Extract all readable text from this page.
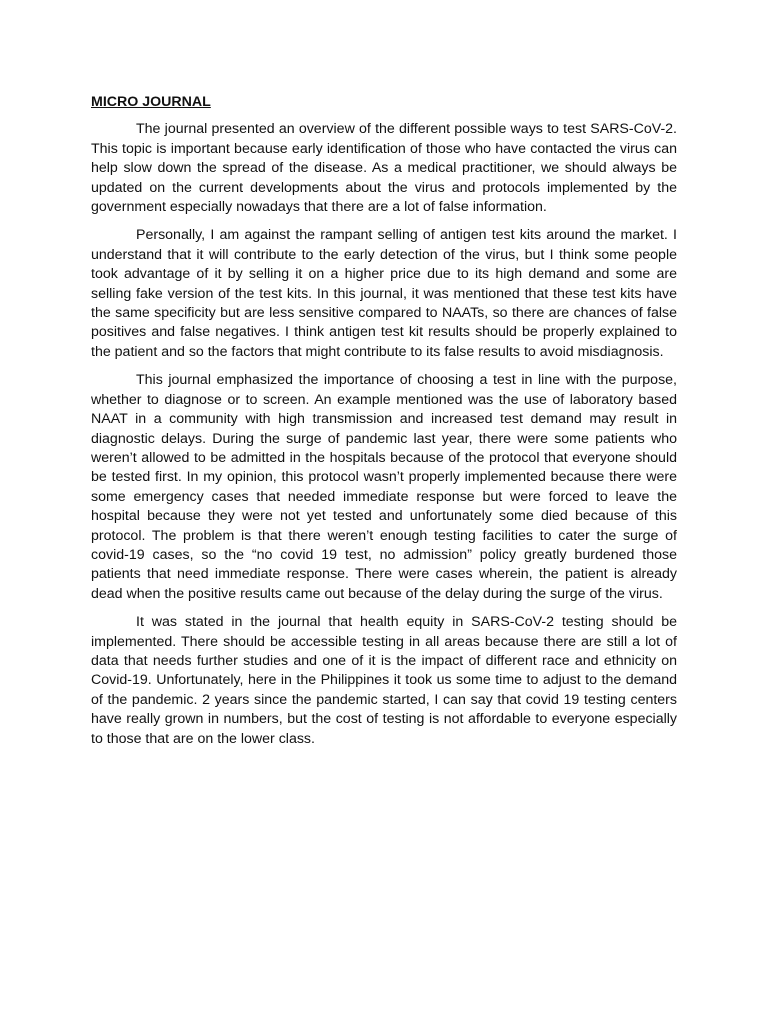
MICRO JOURNAL

The journal presented an overview of the different possible ways to test SARS-CoV-2. This topic is important because early identification of those who have contacted the virus can help slow down the spread of the disease. As a medical practitioner, we should always be updated on the current developments about the virus and protocols implemented by the government especially nowadays that there are a lot of false information.

Personally, I am against the rampant selling of antigen test kits around the market. I understand that it will contribute to the early detection of the virus, but I think some people took advantage of it by selling it on a higher price due to its high demand and some are selling fake version of the test kits. In this journal, it was mentioned that these test kits have the same specificity but are less sensitive compared to NAATs, so there are chances of false positives and false negatives. I think antigen test kit results should be properly explained to the patient and so the factors that might contribute to its false results to avoid misdiagnosis.

This journal emphasized the importance of choosing a test in line with the purpose, whether to diagnose or to screen. An example mentioned was the use of laboratory based NAAT in a community with high transmission and increased test demand may result in diagnostic delays. During the surge of pandemic last year, there were some patients who weren’t allowed to be admitted in the hospitals because of the protocol that everyone should be tested first. In my opinion, this protocol wasn’t properly implemented because there were some emergency cases that needed immediate response but were forced to leave the hospital because they were not yet tested and unfortunately some died because of this protocol. The problem is that there weren’t enough testing facilities to cater the surge of covid-19 cases, so the “no covid 19 test, no admission” policy greatly burdened those patients that need immediate response. There were cases wherein, the patient is already dead when the positive results came out because of the delay during the surge of the virus.

It was stated in the journal that health equity in SARS-CoV-2 testing should be implemented. There should be accessible testing in all areas because there are still a lot of data that needs further studies and one of it is the impact of different race and ethnicity on Covid-19. Unfortunately, here in the Philippines it took us some time to adjust to the demand of the pandemic. 2 years since the pandemic started, I can say that covid 19 testing centers have really grown in numbers, but the cost of testing is not affordable to everyone especially to those that are on the lower class.
